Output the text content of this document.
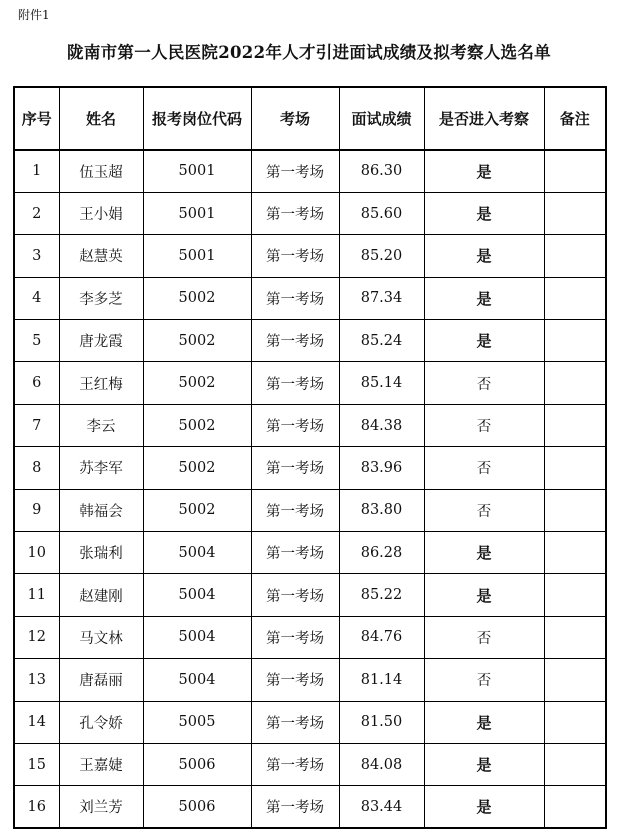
附件1
陇南市第一人民医院2022年人才引进面试成绩及拟考察人选名单
序号	姓名	报考岗位代码	考场	面试成绩	是否进入考察	备注
1	伍玉超	5001	第一考场	86.30	是	
2	王小娟	5001	第一考场	85.60	是	
3	赵慧英	5001	第一考场	85.20	是	
4	李多芝	5002	第一考场	87.34	是	
5	唐龙霞	5002	第一考场	85.24	是	
6	王红梅	5002	第一考场	85.14	否	
7	李云	5002	第一考场	84.38	否	
8	苏李军	5002	第一考场	83.96	否	
9	韩福会	5002	第一考场	83.80	否	
10	张瑞利	5004	第一考场	86.28	是	
11	赵建刚	5004	第一考场	85.22	是	
12	马文林	5004	第一考场	84.76	否	
13	唐磊丽	5004	第一考场	81.14	否	
14	孔令娇	5005	第一考场	81.50	是	
15	王嘉婕	5006	第一考场	84.08	是	
16	刘兰芳	5006	第一考场	83.44	是	
